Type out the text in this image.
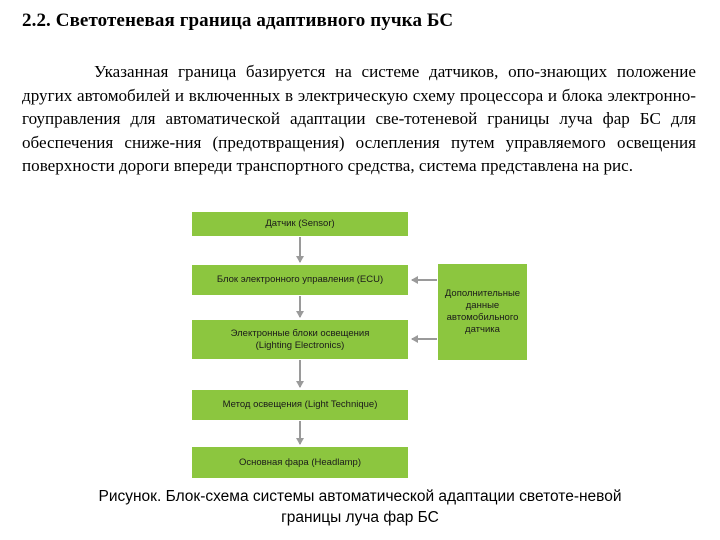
2.2. Светотеневая граница адаптивного пучка БС

Указанная граница базируется на системе датчиков, опо-знающих положение других автомобилей и включенных в электрическую схему процессора и блока электронно-гоуправления для автоматической адаптации све-тотеневой границы луча фар БС для обеспечения сниже-ния (предотвращения) ослепления путем управляемого освещения поверхности дороги впереди транспортного средства, система представлена на рис.

Датчик (Sensor)
Блок электронного управления (ECU)
Электронные блоки освещения
(Lighting Electronics)
Метод освещения (Light Technique)
Основная фара (Headlamp)
Дополнительные
данные
автомобильного
датчика
Рисунок. Блок-схема системы автоматической адаптации светоте-невой
границы луча фар БС
